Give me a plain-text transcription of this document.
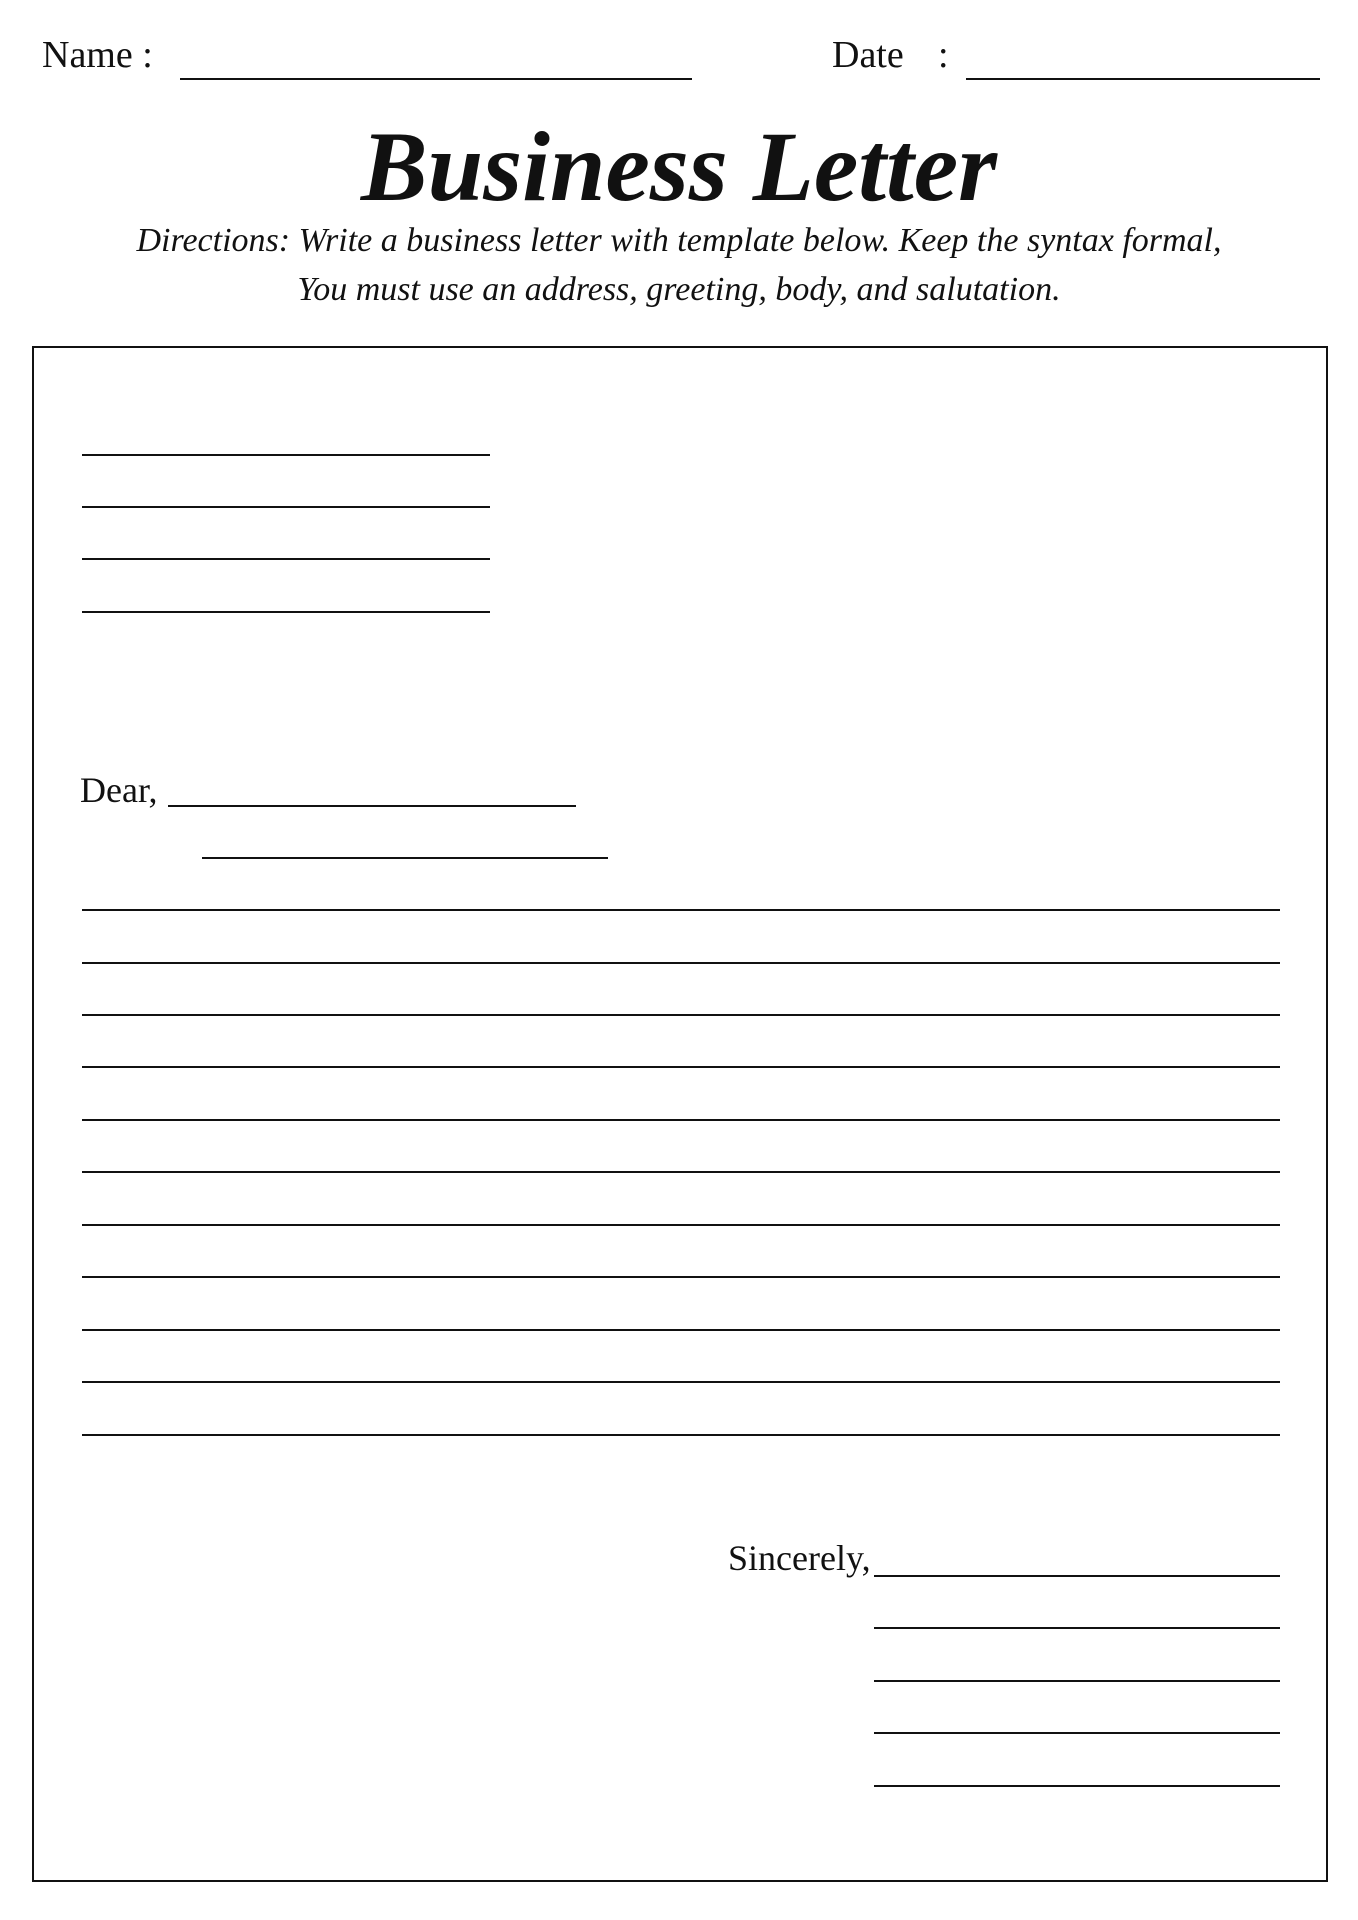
Name :	Date :
Business Letter
Directions: Write a business letter with template below. Keep the syntax formal,
You must use an address, greeting, body, and salutation.
Dear,
Sincerely,
